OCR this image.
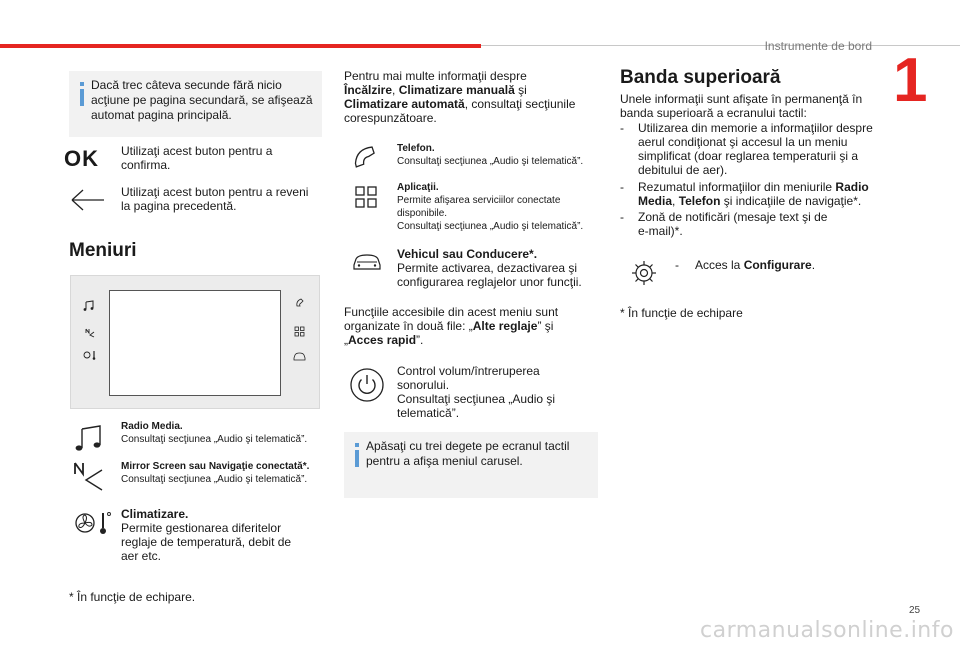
Instrumente de bord 1
Dacă trec câteva secunde fără nicio acţiune pe pagina secundară, se afişează automat pagina principală.
OK Utilizaţi acest buton pentru a confirma.
Utilizaţi acest buton pentru a reveni la pagina precedentă.
Meniuri
Radio Media.
Consultaţi secţiunea „Audio şi telematică”.
Mirror Screen sau Navigaţie conectată*.
Consultaţi secţiunea „Audio şi telematică”.
Climatizare.
Permite gestionarea diferitelor reglaje de temperatură, debit de aer etc.
* În funcţie de echipare.
Pentru mai multe informaţii despre
Încălzire, Climatizare manuală şi
Climatizare automată, consultaţi secţiunile corespunzătoare.
Telefon.
Consultaţi secţiunea „Audio şi telematică”.
Aplicaţii.
Permite afişarea serviciilor conectate disponibile.
Consultaţi secţiunea „Audio şi telematică”.
Vehicul sau Conducere*.
Permite activarea, dezactivarea şi configurarea reglajelor unor funcţii.
Funcţiile accesibile din acest meniu sunt organizate în două file: „Alte reglaje” şi „Acces rapid”.
Control volum/întreruperea sonorului.
Consultaţi secţiunea „Audio şi telematică”.
Apăsaţi cu trei degete pe ecranul tactil pentru a afişa meniul carusel.
Banda superioară
Unele informaţii sunt afişate în permanenţă în banda superioară a ecranului tactil:
- Utilizarea din memorie a informaţiilor despre aerul condiţionat şi accesul la un meniu simplificat (doar reglarea temperaturii şi a debitului de aer).
- Rezumatul informaţiilor din meniurile Radio Media, Telefon şi indicaţiile de navigaţie*.
- Zonă de notificări (mesaje text şi de e-mail)*.
- Acces la Configurare.
* În funcţie de echipare
25
carmanualsonline.info
